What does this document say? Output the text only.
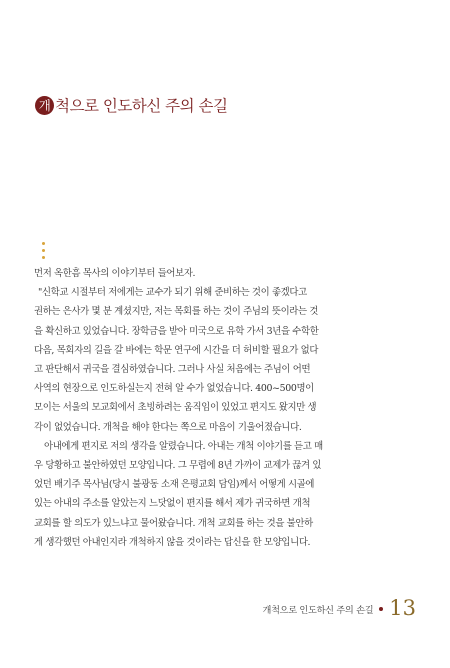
개 척으로 인도하신 주의 손길

먼저 옥한흠 목사의 이야기부터 들어보자.

"신학교 시절부터 저에게는 교수가 되기 위해 준비하는 것이 좋겠다고

권하는 은사가 몇 분 계셨지만, 저는 목회를 하는 것이 주님의 뜻이라는 것

을 확신하고 있었습니다. 장학금을 받아 미국으로 유학 가서 3년을 수학한

다음, 목회자의 길을 갈 바에는 학문 연구에 시간을 더 허비할 필요가 없다

고 판단해서 귀국을 결심하였습니다. 그러나 사실 처음에는 주님이 어떤

사역의 현장으로 인도하실는지 전혀 알 수가 없었습니다. 400~500명이

모이는 서울의 모교회에서 초빙하려는 움직임이 있었고 편지도 왔지만 생

각이 없었습니다. 개척을 해야 한다는 쪽으로 마음이 기울어졌습니다.

아내에게 편지로 저의 생각을 알렸습니다. 아내는 개척 이야기를 듣고 매

우 당황하고 불안하였던 모양입니다. 그 무렵에 8년 가까이 교제가 끊겨 있

었던 배기주 목사님(당시 불광동 소재 은평교회 담임)께서 어떻게 시골에

있는 아내의 주소를 알았는지 느닷없이 편지를 해서 제가 귀국하면 개척

교회를 할 의도가 있느냐고 물어왔습니다. 개척 교회를 하는 것을 불안하

게 생각했던 아내인지라 개척하지 않을 것이라는 답신을 한 모양입니다.

개척으로 인도하신 주의 손길 13
